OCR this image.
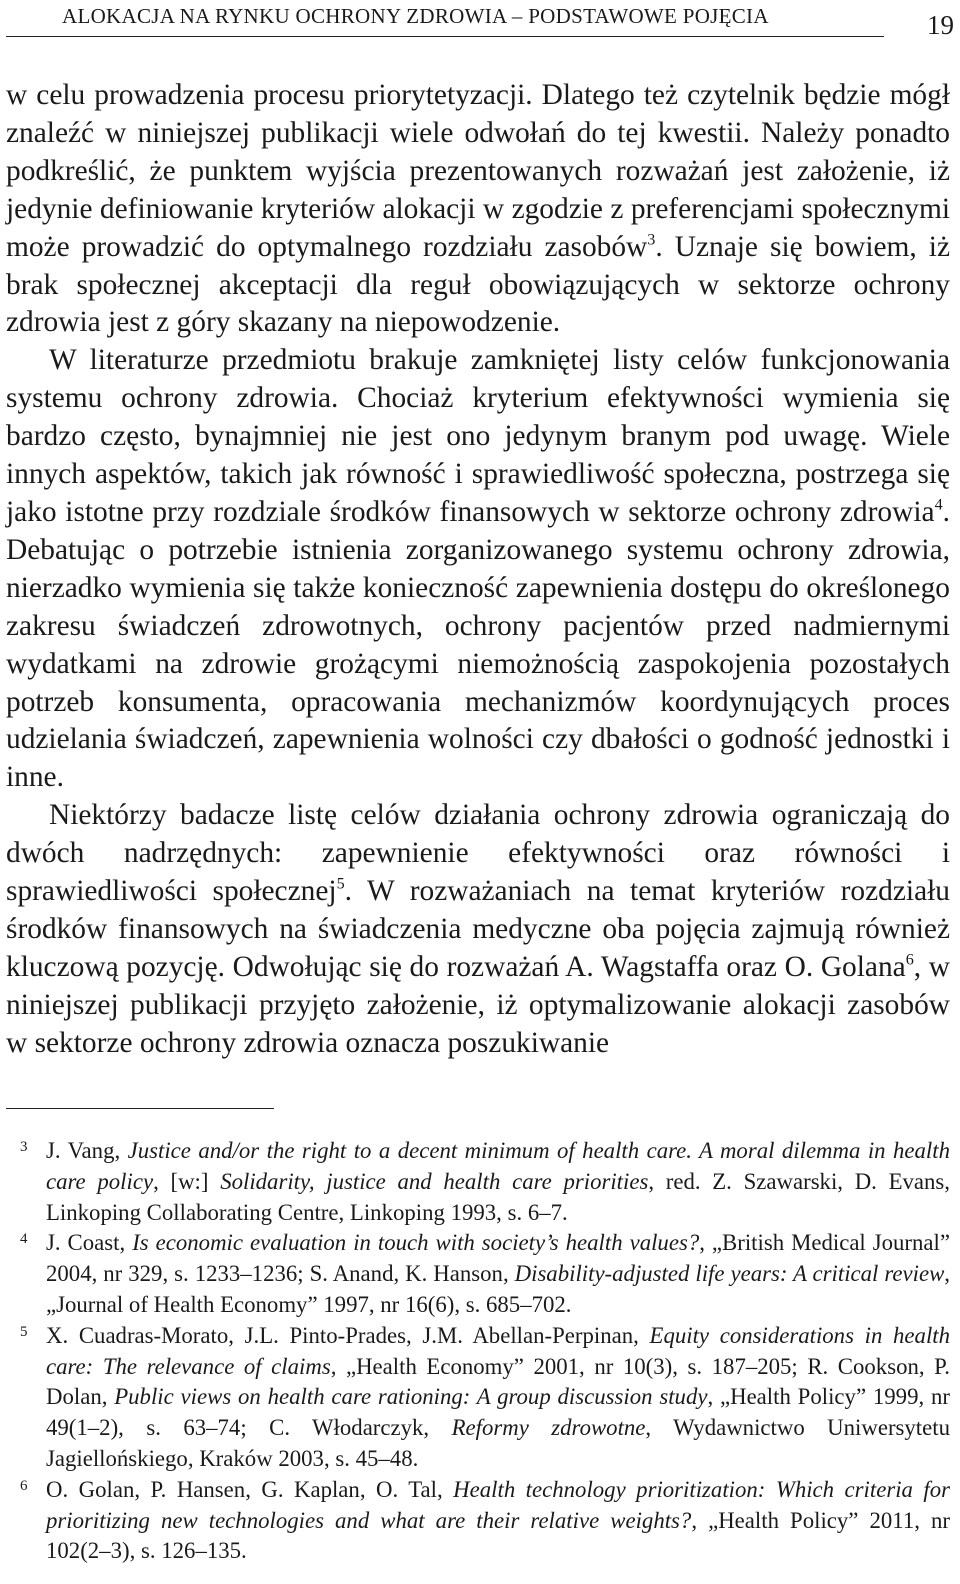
ALOKACJA NA RYNKU OCHRONY ZDROWIA – PODSTAWOWE POJĘCIA	19

w celu prowadzenia procesu priorytetyzacji. Dlatego też czytelnik będzie mógł znaleźć w niniejszej publikacji wiele odwołań do tej kwestii. Należy ponadto podkreślić, że punktem wyjścia prezentowanych rozważań jest założenie, iż jedynie definiowanie kryteriów alokacji w zgodzie z preferencjami społecznymi może prowadzić do optymalnego rozdziału zasobów$^3$. Uznaje się bowiem, iż brak społecznej akceptacji dla reguł obowiązujących w sektorze ochrony zdrowia jest z góry skazany na niepowodzenie.

W literaturze przedmiotu brakuje zamkniętej listy celów funkcjonowania systemu ochrony zdrowia. Chociaż kryterium efektywności wymienia się bardzo często, bynajmniej nie jest ono jedynym branym pod uwagę. Wiele innych aspektów, takich jak równość i sprawiedliwość społeczna, postrzega się jako istotne przy rozdziale środków finansowych w sektorze ochrony zdrowia$^4$. Debatując o potrzebie istnienia zorganizowanego systemu ochrony zdrowia, nierzadko wymienia się także konieczność zapewnienia dostępu do określonego zakresu świadczeń zdrowotnych, ochrony pacjentów przed nadmiernymi wydatkami na zdrowie grożącymi niemożnością zaspokojenia pozostałych potrzeb konsumenta, opracowania mechanizmów koordynujących proces udzielania świadczeń, zapewnienia wolności czy dbałości o godność jednostki i inne.

Niektórzy badacze listę celów działania ochrony zdrowia ograniczają do dwóch nadrzędnych: zapewnienie efektywności oraz równości i sprawiedliwości społecznej$^5$. W rozważaniach na temat kryteriów rozdziału środków finansowych na świadczenia medyczne oba pojęcia zajmują również kluczową pozycję. Odwołując się do rozważań A. Wagstaffa oraz O. Golana$^6$, w niniejszej publikacji przyjęto założenie, iż optymalizowanie alokacji zasobów w sektorze ochrony zdrowia oznacza poszukiwanie

3 J. Vang, Justice and/or the right to a decent minimum of health care. A moral dilemma in health care policy, [w:] Solidarity, justice and health care priorities, red. Z. Szawarski, D. Evans, Linkoping Collaborating Centre, Linkoping 1993, s. 6–7.

4 J. Coast, Is economic evaluation in touch with society’s health values?, „British Medical Journal” 2004, nr 329, s. 1233–1236; S. Anand, K. Hanson, Disability-adjusted life years: A critical review, „Journal of Health Economy” 1997, nr 16(6), s. 685–702.

5 X. Cuadras-Morato, J.L. Pinto-Prades, J.M. Abellan-Perpinan, Equity considerations in health care: The relevance of claims, „Health Economy” 2001, nr 10(3), s. 187–205; R. Cookson, P. Dolan, Public views on health care rationing: A group discussion study, „Health Policy” 1999, nr 49(1–2), s. 63–74; C. Włodarczyk, Reformy zdrowotne, Wydawnictwo Uniwersytetu Jagiellońskiego, Kraków 2003, s. 45–48.

6 O. Golan, P. Hansen, G. Kaplan, O. Tal, Health technology prioritization: Which criteria for prioritizing new technologies and what are their relative weights?, „Health Policy” 2011, nr 102(2–3), s. 126–135.
